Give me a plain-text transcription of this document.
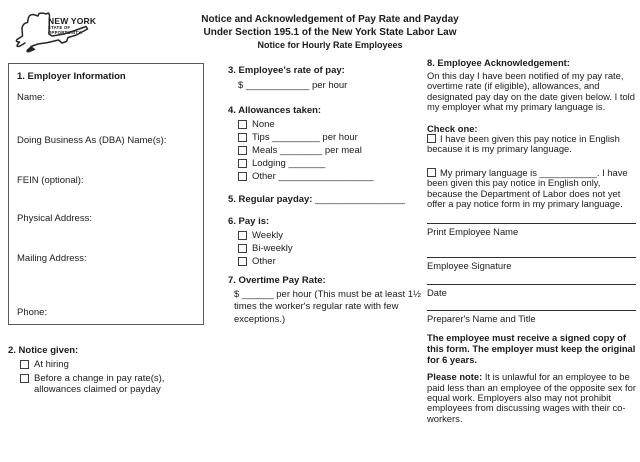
NEW YORK
STATE OF
OPPORTUNITY.
Notice and Acknowledgement of Pay Rate and Payday
Under Section 195.1 of the New York State Labor Law
Notice for Hourly Rate Employees
1. Employer Information
Name:
Doing Business As (DBA) Name(s):
FEIN (optional):
Physical Address:
Mailing Address:
Phone:
2. Notice given:
At hiring
Before a change in pay rate(s), allowances claimed or payday
3. Employee's rate of pay:
$ ____________ per hour
4. Allowances taken:
None
Tips _________ per hour
Meals ________ per meal
Lodging _______
Other __________________
5. Regular payday: _________________
6. Pay is:
Weekly
Bi-weekly
Other
7. Overtime Pay Rate:
$ ______ per hour (This must be at least 1½ times the worker's regular rate with few exceptions.)
8. Employee Acknowledgement:
On this day I have been notified of my pay rate, overtime rate (if eligible), allowances, and designated pay day on the date given below. I told my employer what my primary language is.
Check one:
I have been given this pay notice in English because it is my primary language.
My primary language is ___________. I have been given this pay notice in English only, because the Department of Labor does not yet offer a pay notice form in my primary language.
Print Employee Name
Employee Signature
Date
Preparer's Name and Title
The employee must receive a signed copy of this form. The employer must keep the original for 6 years.
Please note: It is unlawful for an employee to be paid less than an employee of the opposite sex for equal work. Employers also may not prohibit employees from discussing wages with their co-workers.
